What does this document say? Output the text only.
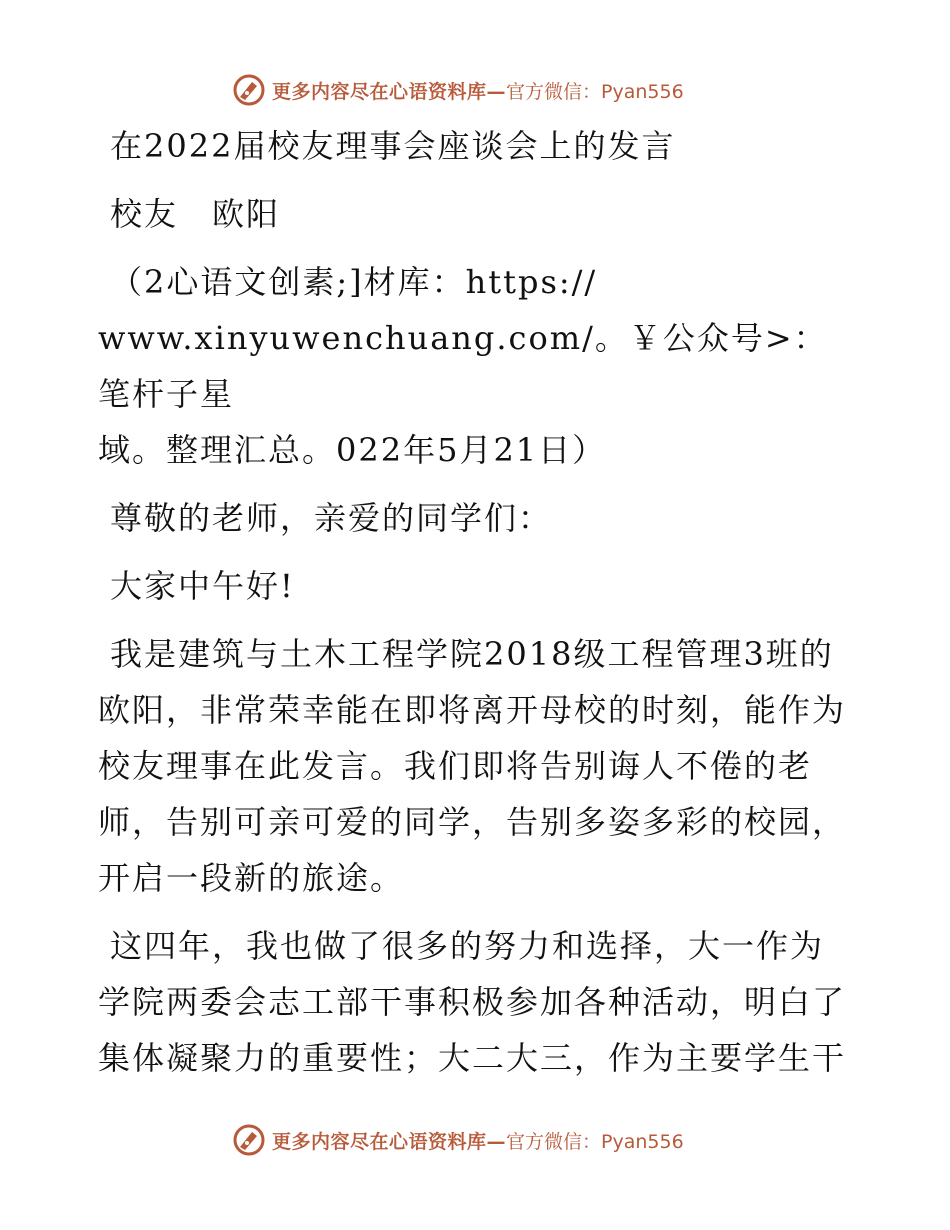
更多内容尽在心语资料库— 官方微信：Pyan556

在2022届校友理事会座谈会上的发言

校友　欧阳

（2心语文创素;]材库：https://

www.xinyuwenchuang.com/。￥公众号>：笔杆子星

域。整理汇总。022年5月21日）

尊敬的老师，亲爱的同学们：

大家中午好!

我是建筑与土木工程学院2018级工程管理3班的

欧阳，非常荣幸能在即将离开母校的时刻，能作为

校友理事在此发言。我们即将告别诲人不倦的老

师，告别可亲可爱的同学，告别多姿多彩的校园，

开启一段新的旅途。

这四年，我也做了很多的努力和选择，大一作为

学院两委会志工部干事积极参加各种活动，明白了

集体凝聚力的重要性；大二大三，作为主要学生干

更多内容尽在心语资料库— 官方微信：Pyan556
